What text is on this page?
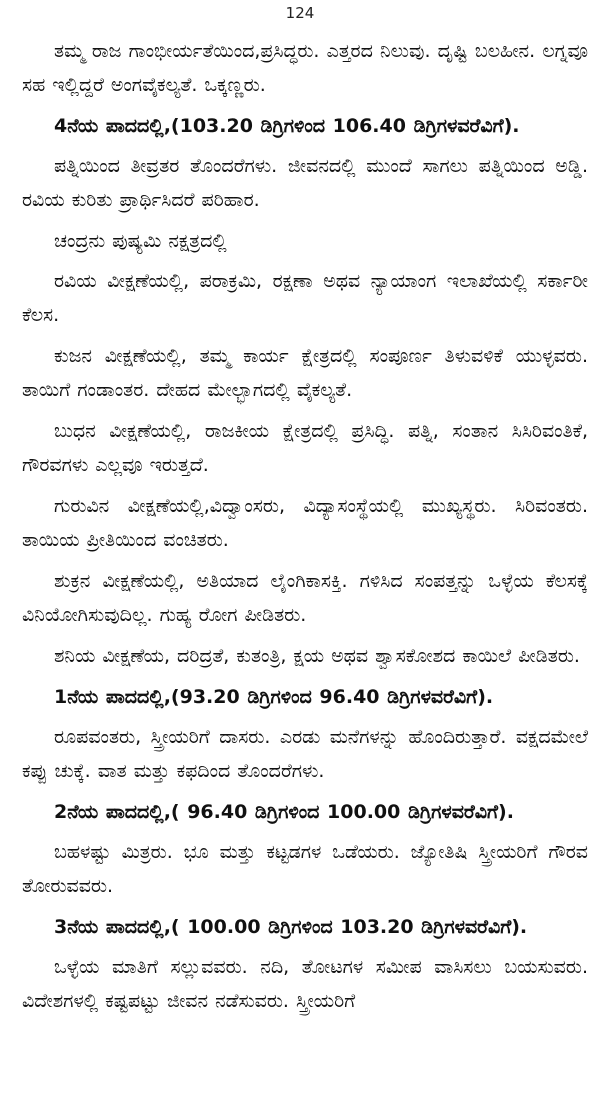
124

ತಮ್ಮ ರಾಜ ಗಾಂಭೀರ್ಯತೆಯಿಂದ,ಪ್ರಸಿದ್ಧರು. ಎತ್ತರದ ನಿಲುವು. ದೃಷ್ಟಿ ಬಲಹೀನ. ಲಗ್ನವೂ ಸಹ ಇಲ್ಲಿದ್ದರೆ ಅಂಗವೈಕಲ್ಯತೆ. ಒಕ್ಕಣ್ಣರು.

4ನೆಯ ಪಾದದಲ್ಲಿ,(103.20 ಡಿಗ್ರಿಗಳಿಂದ 106.40 ಡಿಗ್ರಿಗಳವರೆವಿಗೆ).

ಪತ್ನಿಯಿಂದ ತೀವ್ರತರ ತೊಂದರೆಗಳು. ಜೀವನದಲ್ಲಿ ಮುಂದೆ ಸಾಗಲು ಪತ್ನಿಯಿಂದ ಅಡ್ಡಿ. ರವಿಯ ಕುರಿತು ಪ್ರಾರ್ಥಿಸಿದರೆ ಪರಿಹಾರ.

ಚಂದ್ರನು ಪುಷ್ಯಮಿ ನಕ್ಷತ್ರದಲ್ಲಿ

ರವಿಯ ವೀಕ್ಷಣೆಯಲ್ಲಿ, ಪರಾಕ್ರಮಿ, ರಕ್ಷಣಾ ಅಥವ ನ್ಯಾಯಾಂಗ ಇಲಾಖೆಯಲ್ಲಿ ಸರ್ಕಾರೀ ಕೆಲಸ.

ಕುಜನ ವೀಕ್ಷಣೆಯಲ್ಲಿ, ತಮ್ಮ ಕಾರ್ಯ ಕ್ಷೇತ್ರದಲ್ಲಿ ಸಂಪೂರ್ಣ ತಿಳುವಳಿಕೆ ಯುಳ್ಳವರು. ತಾಯಿಗೆ ಗಂಡಾಂತರ. ದೇಹದ ಮೇಲ್ಭಾಗದಲ್ಲಿ ವೈಕಲ್ಯತೆ.

ಬುಧನ ವೀಕ್ಷಣೆಯಲ್ಲಿ, ರಾಜಕೀಯ ಕ್ಷೇತ್ರದಲ್ಲಿ ಪ್ರಸಿದ್ಧಿ. ಪತ್ನಿ, ಸಂತಾನ ಸಿಸಿರಿವಂತಿಕೆ, ಗೌರವಗಳು ಎಲ್ಲವೂ ಇರುತ್ತದೆ.

ಗುರುವಿನ ವೀಕ್ಷಣೆಯಲ್ಲಿ,ವಿದ್ವಾಂಸರು, ವಿದ್ಯಾಸಂಸ್ಥೆಯಲ್ಲಿ ಮುಖ್ಯಸ್ಥರು. ಸಿರಿವಂತರು. ತಾಯಿಯ ಪ್ರೀತಿಯಿಂದ ವಂಚಿತರು.

ಶುಕ್ರನ ವೀಕ್ಷಣೆಯಲ್ಲಿ, ಅತಿಯಾದ ಲೈಂಗಿಕಾಸಕ್ತಿ. ಗಳಿಸಿದ ಸಂಪತ್ತನ್ನು ಒಳ್ಳೆಯ ಕೆಲಸಕ್ಕೆ ವಿನಿಯೋಗಿಸುವುದಿಲ್ಲ. ಗುಹ್ಯ ರೋಗ ಪೀಡಿತರು.

ಶನಿಯ ವೀಕ್ಷಣೆಯ, ದರಿದ್ರತೆ, ಕುತಂತ್ರಿ, ಕ್ಷಯ ಅಥವ ಶ್ವಾಸಕೋಶದ ಕಾಯಿಲೆ ಪೀಡಿತರು.

1ನೆಯ ಪಾದದಲ್ಲಿ,(93.20 ಡಿಗ್ರಿಗಳಿಂದ 96.40 ಡಿಗ್ರಿಗಳವರೆವಿಗೆ).

ರೂಪವಂತರು, ಸ್ತ್ರೀಯರಿಗೆ ದಾಸರು. ಎರಡು ಮನೆಗಳನ್ನು ಹೊಂದಿರುತ್ತಾರೆ. ವಕ್ಷದಮೇಲೆ ಕಪ್ಪು ಚುಕ್ಕೆ. ವಾತ ಮತ್ತು ಕಫದಿಂದ ತೊಂದರೆಗಳು.

2ನೆಯ ಪಾದದಲ್ಲಿ,( 96.40 ಡಿಗ್ರಿಗಳಿಂದ 100.00 ಡಿಗ್ರಿಗಳವರೆವಿಗೆ).

ಬಹಳಷ್ಟು ಮಿತ್ರರು. ಭೂ ಮತ್ತು ಕಟ್ಟಡಗಳ ಒಡೆಯರು. ಜ್ಯೋತಿಷಿ ಸ್ತ್ರೀಯರಿಗೆ ಗೌರವ ತೋರುವವರು.

3ನೆಯ ಪಾದದಲ್ಲಿ,( 100.00 ಡಿಗ್ರಿಗಳಿಂದ 103.20 ಡಿಗ್ರಿಗಳವರೆವಿಗೆ).

ಒಳ್ಳೆಯ ಮಾತಿಗೆ ಸಲ್ಲುವವರು. ನದಿ, ತೋಟಗಳ ಸಮೀಪ ವಾಸಿಸಲು ಬಯಸುವರು. ವಿದೇಶಗಳಲ್ಲಿ ಕಷ್ಟಪಟ್ಟು ಜೀವನ ನಡೆಸುವರು. ಸ್ತ್ರೀಯರಿಗೆ
